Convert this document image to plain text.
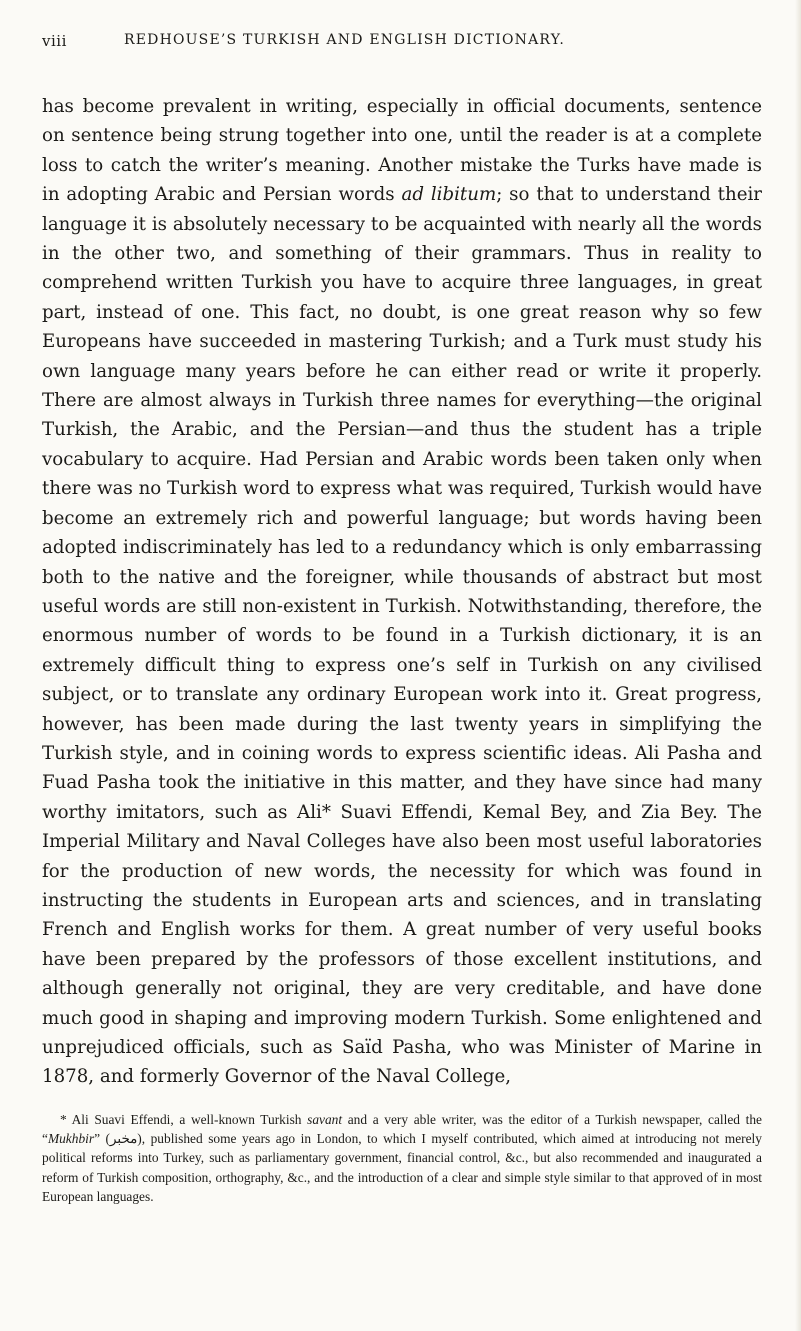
viii	REDHOUSE’S TURKISH AND ENGLISH DICTIONARY.
has become prevalent in writing, especially in official documents, sentence on sentence being strung together into one, until the reader is at a complete loss to catch the writer’s meaning. Another mistake the Turks have made is in adopting Arabic and Persian words ad libitum; so that to understand their language it is absolutely necessary to be acquainted with nearly all the words in the other two, and something of their grammars. Thus in reality to comprehend written Turkish you have to acquire three languages, in great part, instead of one. This fact, no doubt, is one great reason why so few Europeans have succeeded in mastering Turkish; and a Turk must study his own language many years before he can either read or write it properly. There are almost always in Turkish three names for everything—the original Turkish, the Arabic, and the Persian—and thus the student has a triple vocabulary to acquire. Had Persian and Arabic words been taken only when there was no Turkish word to express what was required, Turkish would have become an extremely rich and powerful language; but words having been adopted indiscriminately has led to a redundancy which is only embarrassing both to the native and the foreigner, while thousands of abstract but most useful words are still non-existent in Turkish. Notwithstanding, therefore, the enormous number of words to be found in a Turkish dictionary, it is an extremely difficult thing to express one’s self in Turkish on any civilised subject, or to translate any ordinary European work into it. Great progress, however, has been made during the last twenty years in simplifying the Turkish style, and in coining words to express scientific ideas. Ali Pasha and Fuad Pasha took the initiative in this matter, and they have since had many worthy imitators, such as Ali* Suavi Effendi, Kemal Bey, and Zia Bey. The Imperial Military and Naval Colleges have also been most useful laboratories for the production of new words, the necessity for which was found in instructing the students in European arts and sciences, and in translating French and English works for them. A great number of very useful books have been prepared by the professors of those excellent institutions, and although generally not original, they are very creditable, and have done much good in shaping and improving modern Turkish. Some enlightened and unprejudiced officials, such as Saïd Pasha, who was Minister of Marine in 1878, and formerly Governor of the Naval College,

* Ali Suavi Effendi, a well-known Turkish savant and a very able writer, was the editor of a Turkish newspaper, called the “Mukhbir” (مخبر), published some years ago in London, to which I myself contributed, which aimed at introducing not merely political reforms into Turkey, such as parliamentary government, financial control, &c., but also recommended and inaugurated a reform of Turkish composition, orthography, &c., and the introduction of a clear and simple style similar to that approved of in most European languages.
